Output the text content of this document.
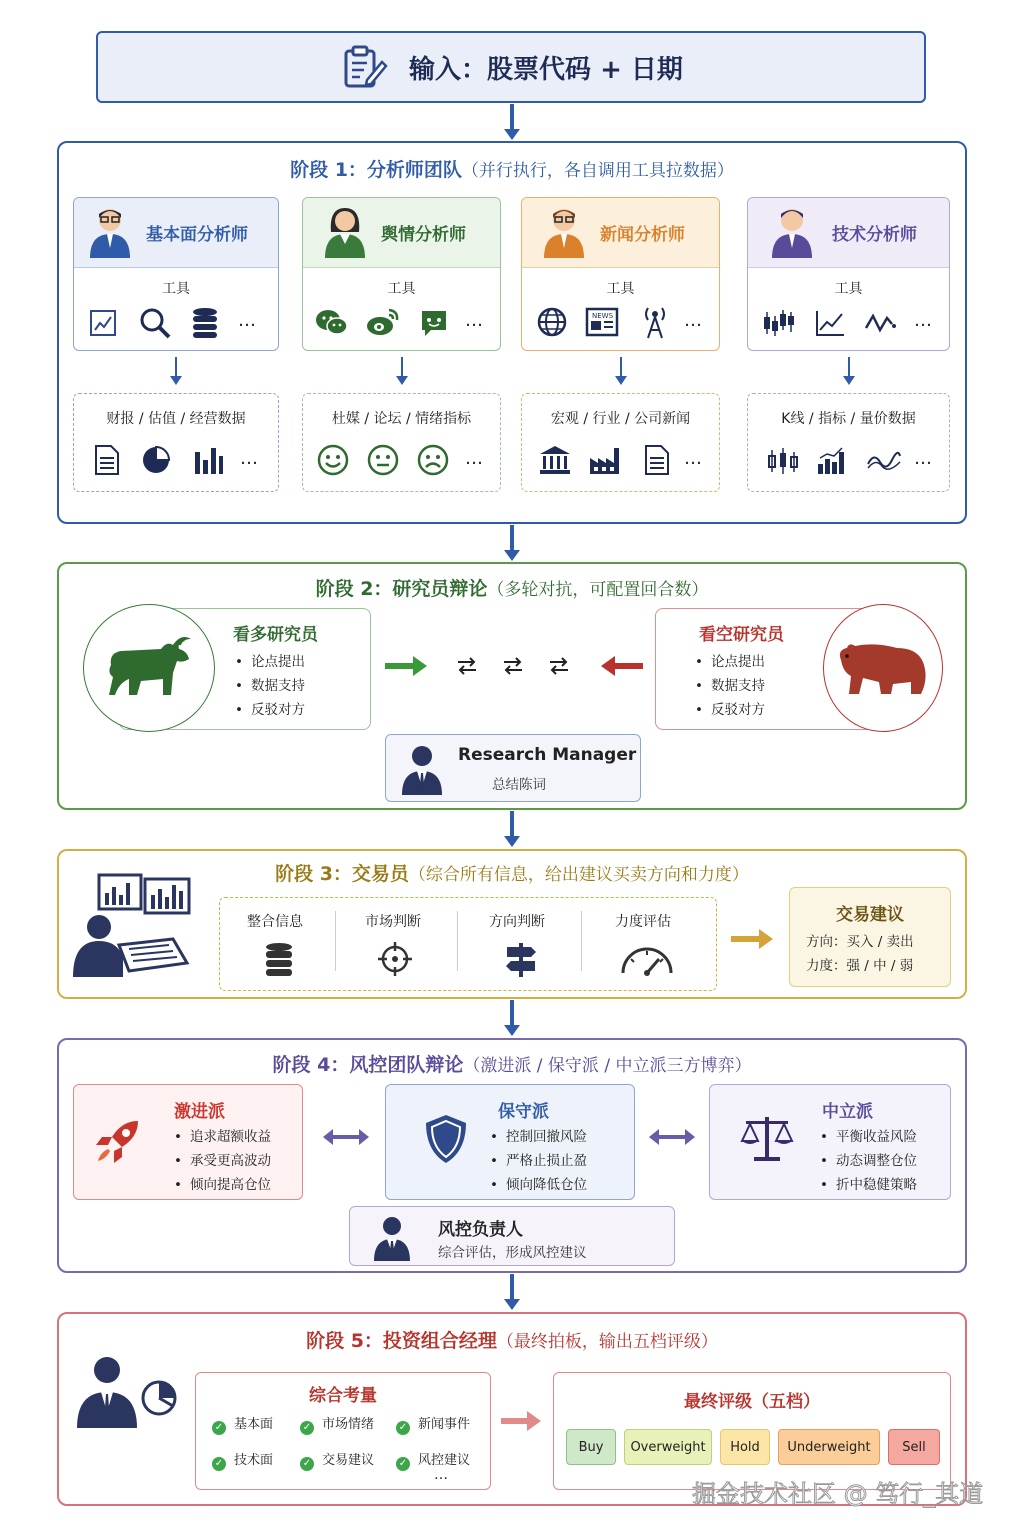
输入：股票代码 + 日期
阶段 1：分析师团队（并行执行，各自调用工具拉数据）
基本面分析师
工具
…
财报 / 估值 / 经营数据
…
舆情分析师
工具
…
杜媒 / 论坛 / 情绪指标
…
新闻分析师
工具
NEWS	…
宏观 / 行业 / 公司新闻
…
技术分析师
工具
…
K线 / 指标 / 量价数据
…
阶段 2：研究员辩论（多轮对抗，可配置回合数）
看多研究员
• 论点提出
• 数据支持
• 反驳对方
看空研究员
• 论点提出
• 数据支持
• 反驳对方
Research Manager
总结陈词
阶段 3：交易员（综合所有信息，给出建议买卖方向和力度）
整合信息	市场判断	方向判断	力度评估	交易建议
方向：买入 / 卖出
力度：强 / 中 / 弱
阶段 4：风控团队辩论（激进派 / 保守派 / 中立派三方博弈）
激进派
• 追求超额收益
• 承受更高波动
• 倾向提高仓位
保守派
• 控制回撤风险
• 严格止损止盈
• 倾向降低仓位
中立派
• 平衡收益风险
• 动态调整仓位
• 折中稳健策略
风控负责人
综合评估，形成风控建议
阶段 5：投资组合经理（最终拍板，输出五档评级）
综合考量
✓ 基本面	✓ 市场情绪 ✓ 新闻事件
✓ 技术面	✓ 交易建议 ✓ 风控建议
…
最终评级（五档）
Buy	Overweight	Hold	Underweight	Sell
掘金技术社区 @ 笃行_其道
